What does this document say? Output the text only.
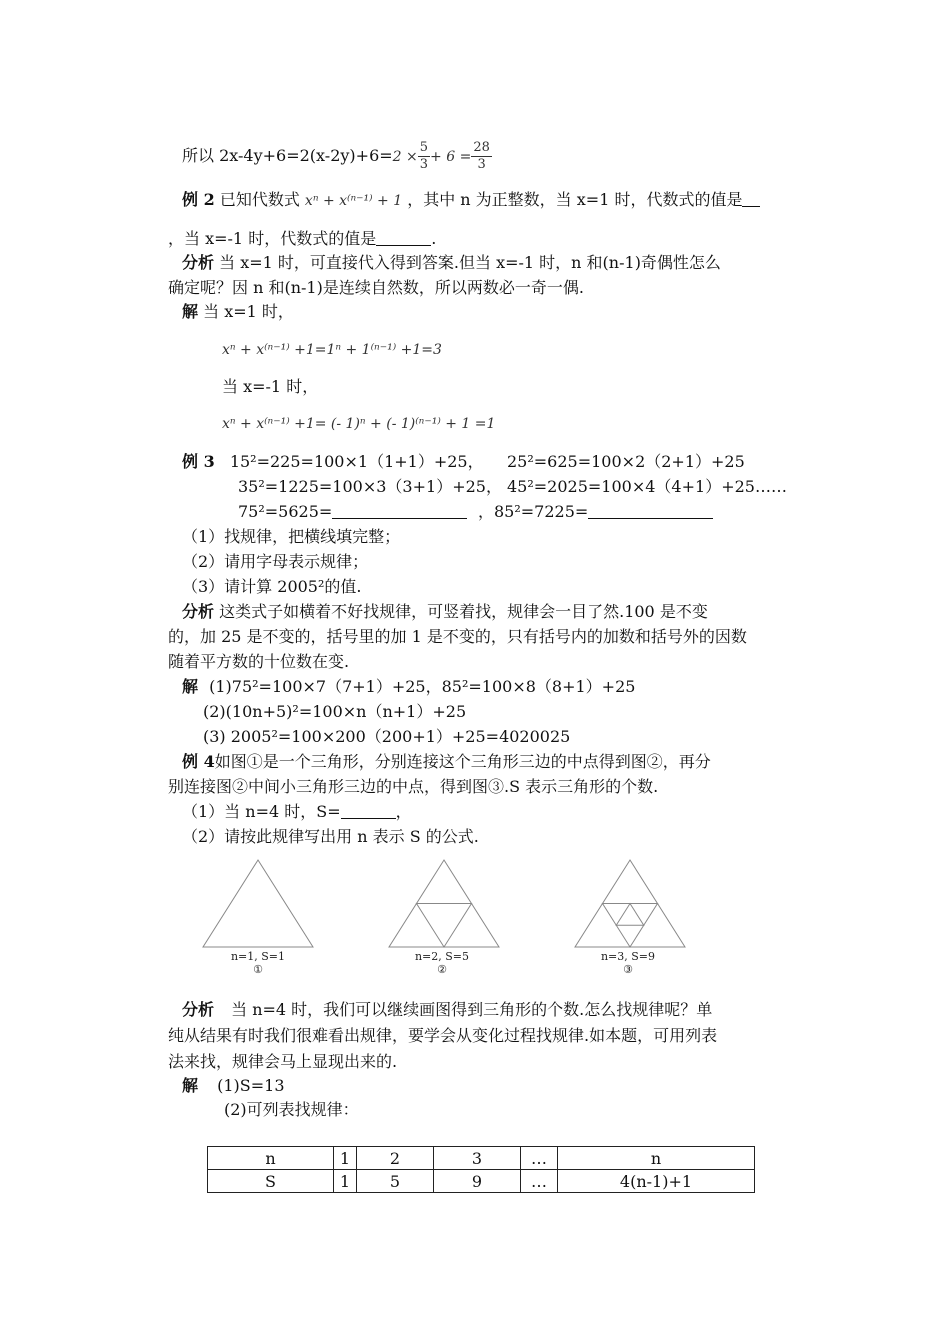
所以 $2x-4y+6=2(x-2y)+6=2 \times \frac{5}{3} + 6 = \frac{28}{3}$
例 2 已知代数式 xⁿ + x⁽ⁿ⁻¹⁾ + 1 ，其中 n 为正整数，当 x=1 时，代数式的值是
，当 x=-1 时，代数式的值是	.
分析 当 x=1 时，可直接代入得到答案.但当 x=-1 时，n 和(n-1)奇偶性怎么
确定呢？因 n 和(n-1)是连续自然数，所以两数必一奇一偶.
解 当 x=1 时，
xⁿ + x⁽ⁿ⁻¹⁾ +1=1ⁿ + 1⁽ⁿ⁻¹⁾ +1=3
当 x=-1 时，
xⁿ + x⁽ⁿ⁻¹⁾ +1= (- 1)ⁿ + (- 1)⁽ⁿ⁻¹⁾ + 1 =1
例 3 15²=225=100×1（1+1）+25， 25²=625=100×2（2+1）+25
35²=1225=100×3（3+1）+25， 45²=2025=100×4（4+1）+25……
75²=5625=	，85²=7225=
（1）找规律，把横线填完整；
（2）请用字母表示规律；
（3）请计算 2005²的值.
分析 这类式子如横着不好找规律，可竖着找，规律会一目了然.100 是不变
的，加 25 是不变的，括号里的加 1 是不变的，只有括号内的加数和括号外的因数
随着平方数的十位数在变.
解 (1)75²=100×7（7+1）+25，85²=100×8（8+1）+25
(2)(10n+5)²=100×n（n+1）+25
(3) 2005²=100×200（200+1）+25=4020025
例 4如图①是一个三角形，分别连接这个三角形三边的中点得到图②，再分
别连接图②中间小三角形三边的中点，得到图③.S 表示三角形的个数.
（1）当 n=4 时，S=	，
（2）请按此规律写出用 n 表示 S 的公式.
n=1, S=1
①
n=2, S=5
②
n=3, S=9
③
分析 当 n=4 时，我们可以继续画图得到三角形的个数.怎么找规律呢？单
纯从结果有时我们很难看出规律，要学会从变化过程找规律.如本题，可用列表
法来找，规律会马上显现出来的.
解 (1)S=13
(2)可列表找规律：
n	1	2	3	…	n
S	1	5	9	…	4(n-1)+1
